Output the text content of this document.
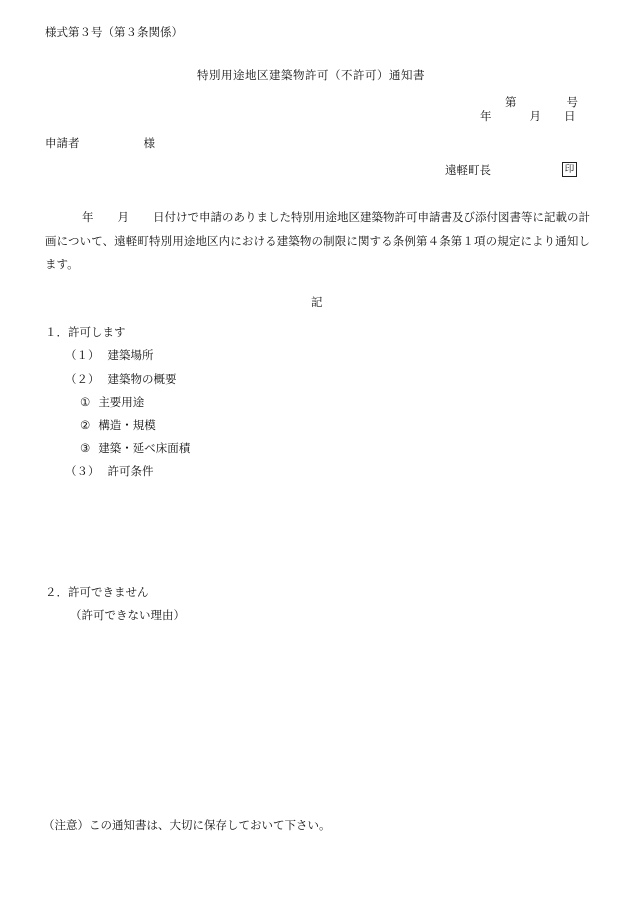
様式第３号（第３条関係）
特別用途地区建築物許可（不許可）通知書
第	号
年	月 日
申請者	様
遠軽町長	印
年 月 日付けで申請のありました特別用途地区建築物許可申請書及び添付図書等に記載の計画について、遠軽町特別用途地区内における建築物の制限に関する条例第４条第１項の規定により通知します。
記
１．許可します
（１） 建築場所
（２） 建築物の概要
① 主要用途
② 構造・規模
③ 建築・延べ床面積
（３） 許可条件
２．許可できません
（許可できない理由）
（注意）この通知書は、大切に保存しておいて下さい。
